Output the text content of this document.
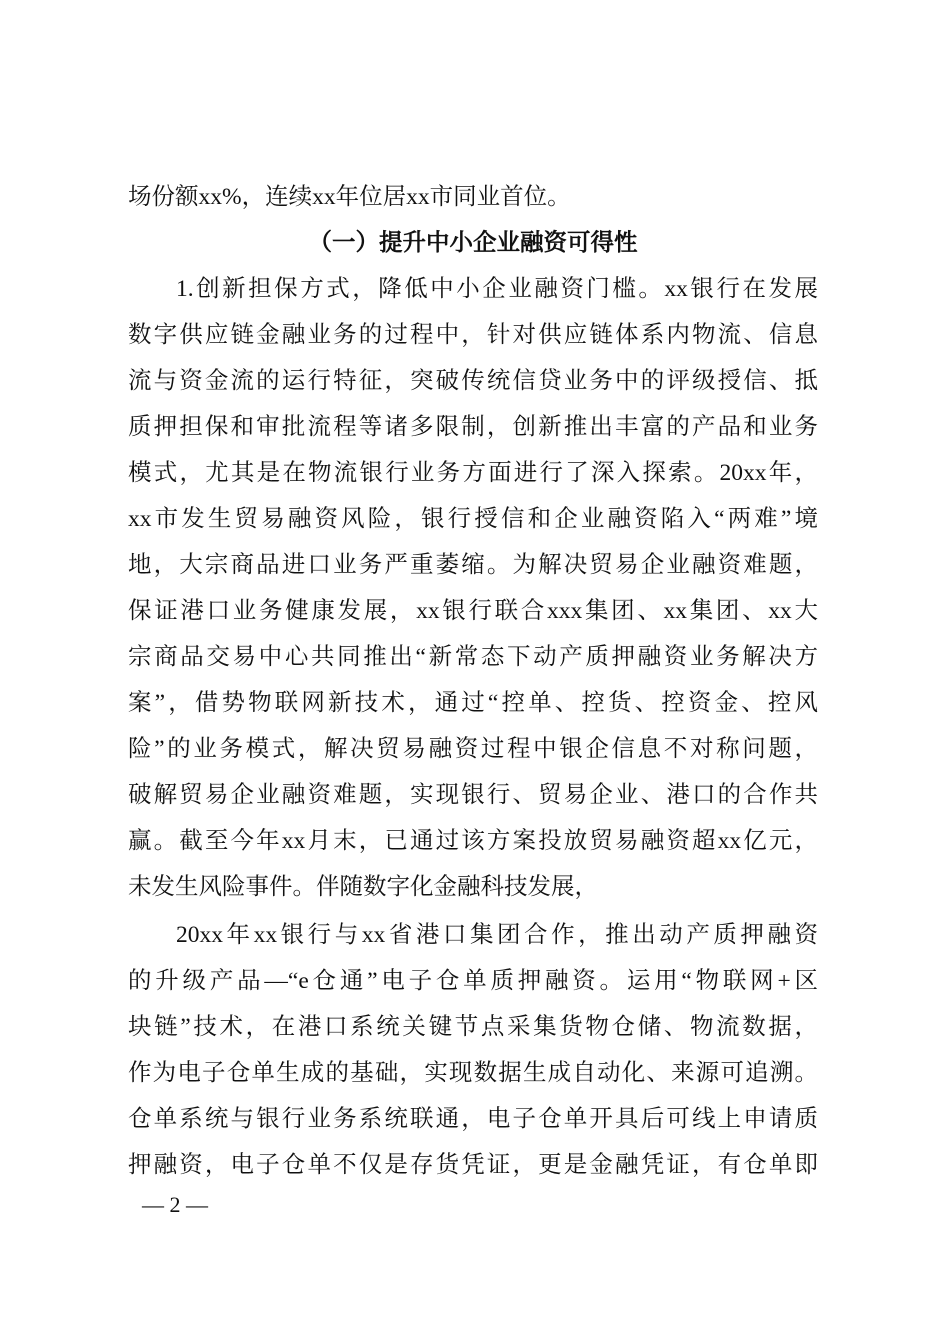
场份额xx%，连续xx年位居xx市同业首位。
（一）提升中小企业融资可得性
1.创新担保方式，降低中小企业融资门槛。xx银行在发展
数字供应链金融业务的过程中，针对供应链体系内物流、信息
流与资金流的运行特征，突破传统信贷业务中的评级授信、抵
质押担保和审批流程等诸多限制，创新推出丰富的产品和业务
模式，尤其是在物流银行业务方面进行了深入探索。20xx年，
xx市发生贸易融资风险，银行授信和企业融资陷入“两难”境
地，大宗商品进口业务严重萎缩。为解决贸易企业融资难题，
保证港口业务健康发展，xx银行联合xxx集团、xx集团、xx大
宗商品交易中心共同推出“新常态下动产质押融资业务解决方
案”，借势物联网新技术，通过“控单、控货、控资金、控风
险”的业务模式，解决贸易融资过程中银企信息不对称问题，
破解贸易企业融资难题，实现银行、贸易企业、港口的合作共
赢。截至今年xx月末，已通过该方案投放贸易融资超xx亿元，
未发生风险事件。伴随数字化金融科技发展，
20xx年xx银行与xx省港口集团合作，推出动产质押融资
的升级产品—“e仓通”电子仓单质押融资。运用“物联网+区
块链”技术，在港口系统关键节点采集货物仓储、物流数据，
作为电子仓单生成的基础，实现数据生成自动化、来源可追溯。
仓单系统与银行业务系统联通，电子仓单开具后可线上申请质
押融资，电子仓单不仅是存货凭证，更是金融凭证，有仓单即
— 2 —
